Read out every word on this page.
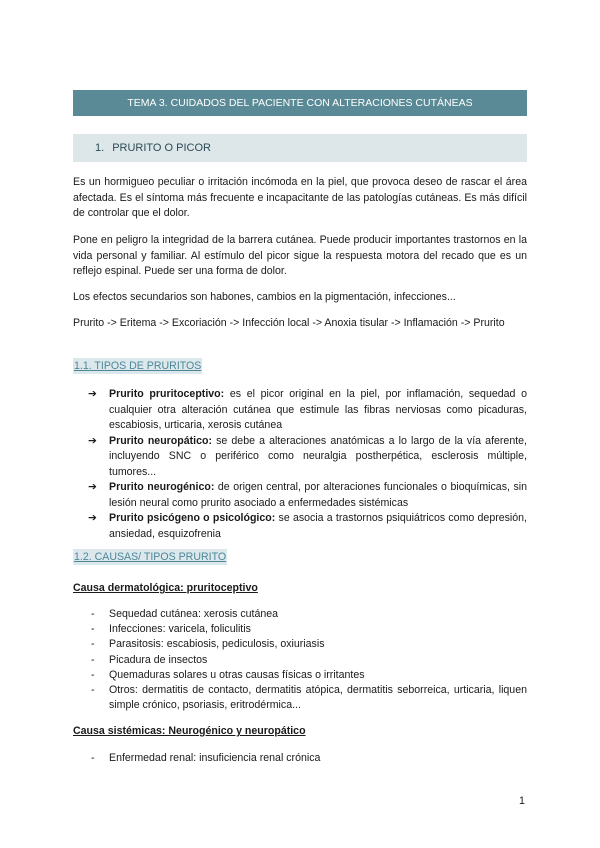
TEMA 3. CUIDADOS DEL PACIENTE CON ALTERACIONES CUTÁNEAS
1. PRURITO O PICOR
Es un hormigueo peculiar o irritación incómoda en la piel, que provoca deseo de rascar el área afectada. Es el síntoma más frecuente e incapacitante de las patologías cutáneas. Es más difícil de controlar que el dolor.
Pone en peligro la integridad de la barrera cutánea. Puede producir importantes trastornos en la vida personal y familiar. Al estímulo del picor sigue la respuesta motora del recado que es un reflejo espinal. Puede ser una forma de dolor.
Los efectos secundarios son habones, cambios en la pigmentación, infecciones...
Prurito -> Eritema -> Excoriación -> Infección local -> Anoxia tisular -> Inflamación -> Prurito
1.1. TIPOS DE PRURITOS
➔ Prurito pruritoceptivo: es el picor original en la piel, por inflamación, sequedad o cualquier otra alteración cutánea que estimule las fibras nerviosas como picaduras, escabiosis, urticaria, xerosis cutánea
➔ Prurito neuropático: se debe a alteraciones anatómicas a lo largo de la vía aferente, incluyendo SNC o periférico como neuralgia postherpética, esclerosis múltiple, tumores...
➔ Prurito neurogénico: de origen central, por alteraciones funcionales o bioquímicas, sin lesión neural como prurito asociado a enfermedades sistémicas
➔ Prurito psicógeno o psicológico: se asocia a trastornos psiquiátricos como depresión, ansiedad, esquizofrenia
1.2. CAUSAS/ TIPOS PRURITO
Causa dermatológica: pruritoceptivo
- Sequedad cutánea: xerosis cutánea
- Infecciones: varicela, foliculitis
- Parasitosis: escabiosis, pediculosis, oxiuriasis
- Picadura de insectos
- Quemaduras solares u otras causas físicas o irritantes
- Otros: dermatitis de contacto, dermatitis atópica, dermatitis seborreica, urticaria, liquen simple crónico, psoriasis, eritrodérmica...
Causa sistémicas: Neurogénico y neuropático
- Enfermedad renal: insuficiencia renal crónica
1
